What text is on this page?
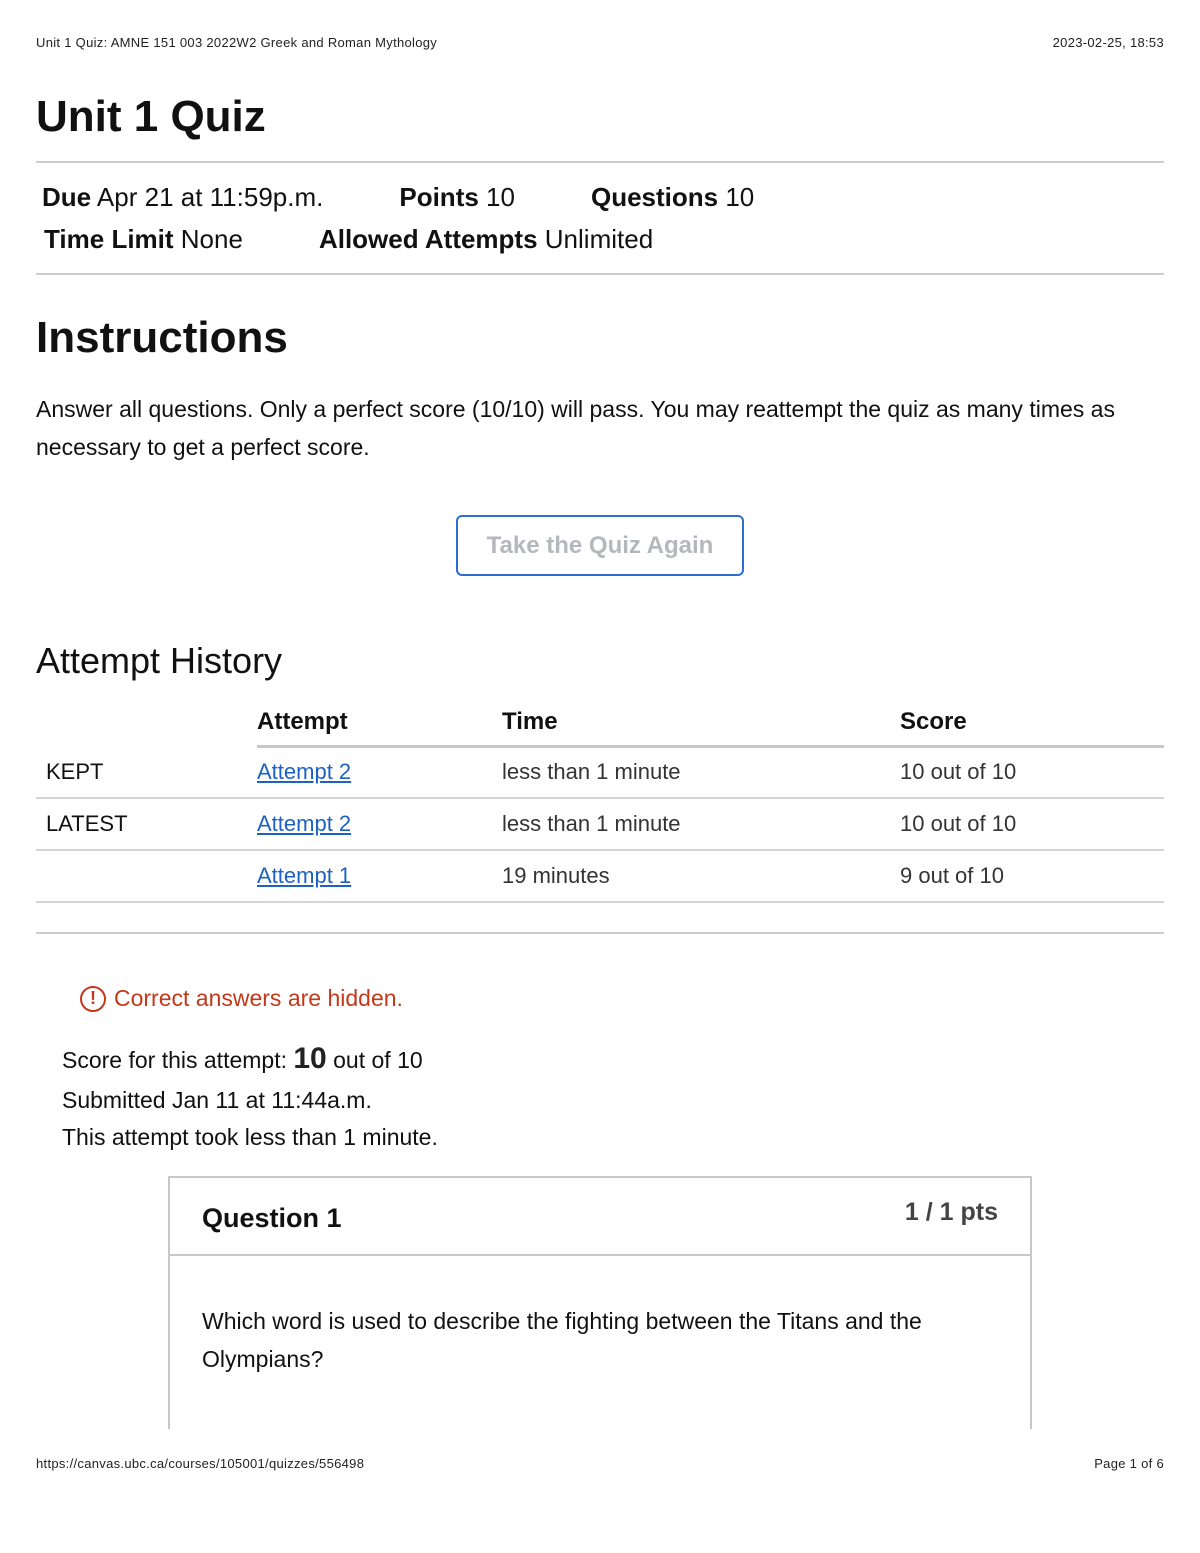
Unit 1 Quiz: AMNE 151 003 2022W2 Greek and Roman Mythology	2023-02-25, 18:53
Unit 1 Quiz
Due Apr 21 at 11:59p.m.	Points 10	Questions 10
Time Limit None	Allowed Attempts Unlimited
Instructions

Answer all questions. Only a perfect score (10/10) will pass. You may reattempt the quiz as many times as necessary to get a perfect score.

Take the Quiz Again
Attempt History
	Attempt	Time	Score
KEPT	Attempt 2	less than 1 minute	10 out of 10
LATEST	Attempt 2	less than 1 minute	10 out of 10
	Attempt 1	19 minutes	9 out of 10
! Correct answers are hidden.
Score for this attempt: 10 out of 10
Submitted Jan 11 at 11:44a.m.
This attempt took less than 1 minute.
Question 1	1 / 1 pts

Which word is used to describe the fighting between the Titans and the Olympians?

https://canvas.ubc.ca/courses/105001/quizzes/556498	Page 1 of 6
